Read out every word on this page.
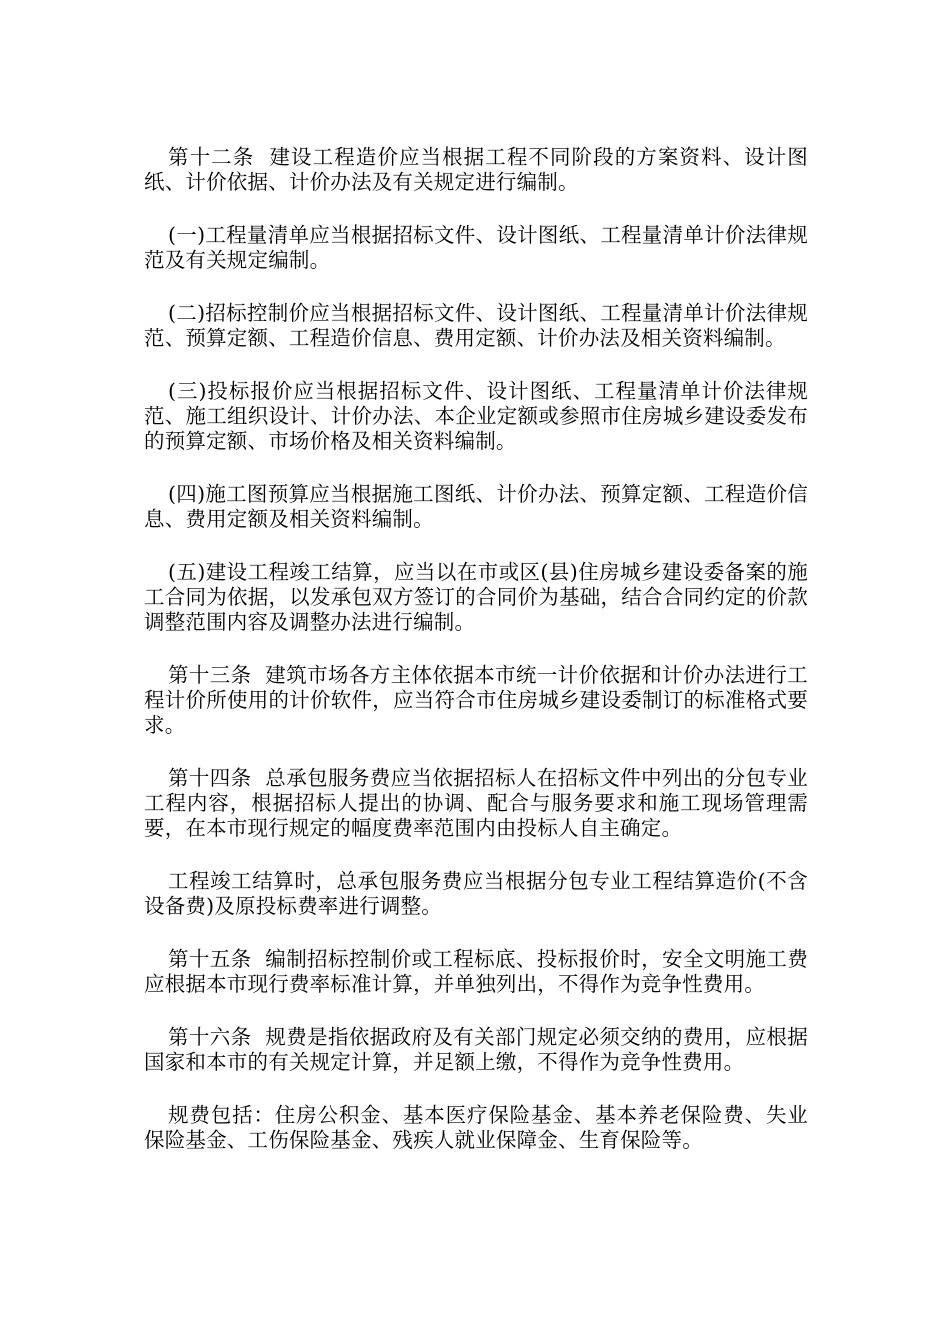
第十二条  建设工程造价应当根据工程不同阶段的方案资料、设计图纸、计价依据、计价办法及有关规定进行编制。

(一)工程量清单应当根据招标文件、设计图纸、工程量清单计价法律规范及有关规定编制。

(二)招标控制价应当根据招标文件、设计图纸、工程量清单计价法律规范、预算定额、工程造价信息、费用定额、计价办法及相关资料编制。

(三)投标报价应当根据招标文件、设计图纸、工程量清单计价法律规范、施工组织设计、计价办法、本企业定额或参照市住房城乡建设委发布的预算定额、市场价格及相关资料编制。

(四)施工图预算应当根据施工图纸、计价办法、预算定额、工程造价信息、费用定额及相关资料编制。

(五)建设工程竣工结算，应当以在市或区(县)住房城乡建设委备案的施工合同为依据，以发承包双方签订的合同价为基础，结合合同约定的价款调整范围内容及调整办法进行编制。

第十三条  建筑市场各方主体依据本市统一计价依据和计价办法进行工程计价所使用的计价软件，应当符合市住房城乡建设委制订的标准格式要求。

第十四条  总承包服务费应当依据招标人在招标文件中列出的分包专业工程内容，根据招标人提出的协调、配合与服务要求和施工现场管理需要，在本市现行规定的幅度费率范围内由投标人自主确定。

工程竣工结算时，总承包服务费应当根据分包专业工程结算造价(不含设备费)及原投标费率进行调整。

第十五条  编制招标控制价或工程标底、投标报价时，安全文明施工费应根据本市现行费率标准计算，并单独列出，不得作为竞争性费用。

第十六条  规费是指依据政府及有关部门规定必须交纳的费用，应根据国家和本市的有关规定计算，并足额上缴，不得作为竞争性费用。

规费包括：住房公积金、基本医疗保险基金、基本养老保险费、失业保险基金、工伤保险基金、残疾人就业保障金、生育保险等。
